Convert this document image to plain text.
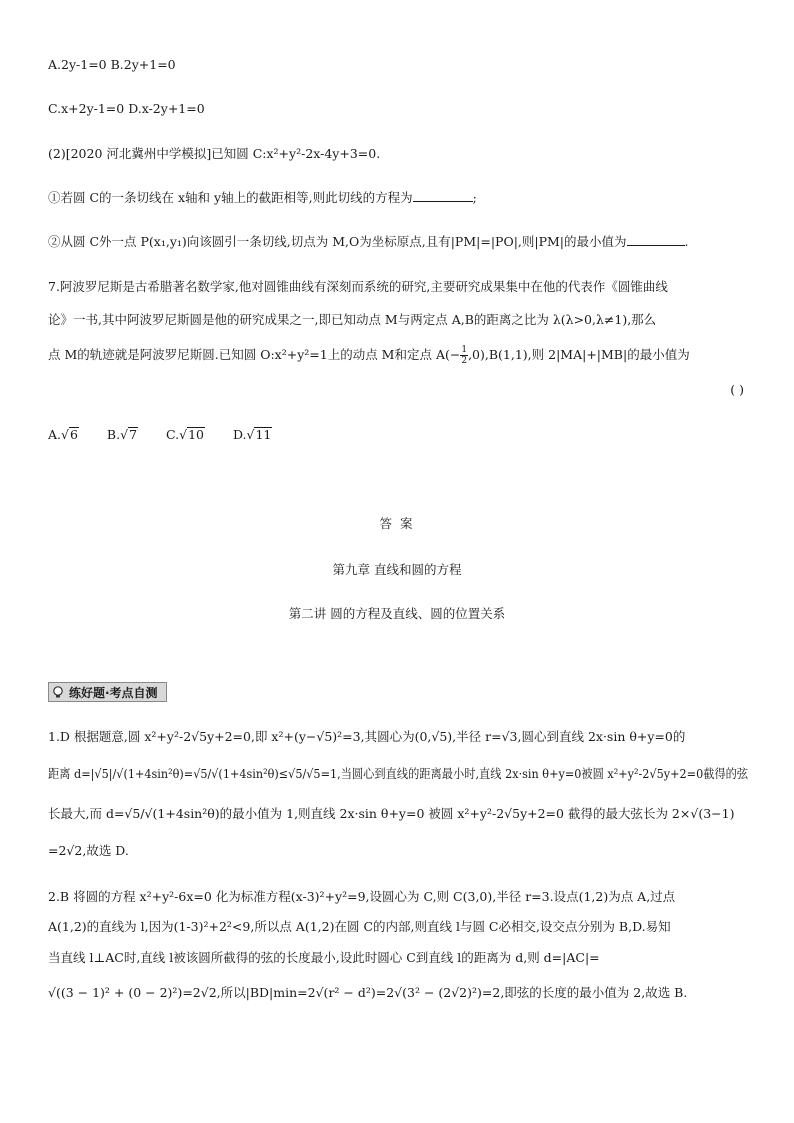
A.2y-1=0 B.2y+1=0
C.x+2y-1=0 D.x-2y+1=0
(2)[2020 河北冀州中学模拟]已知圆 C:x²+y²-2x-4y+3=0.
①若圆 C的一条切线在 x轴和 y轴上的截距相等,则此切线的方程为	;
②从圆 C外一点 P(x₁,y₁)向该圆引一条切线,切点为 M,O为坐标原点,且有|PM|=|PO|,则|PM|的最小值为	.
7.阿波罗尼斯是古希腊著名数学家,他对圆锥曲线有深刻而系统的研究,主要研究成果集中在他的代表作《圆锥曲线
论》一书,其中阿波罗尼斯圆是他的研究成果之一,即已知动点 M与两定点 A,B的距离之比为 λ(λ>0,λ≠1),那么
点 M的轨迹就是阿波罗尼斯圆.已知圆 O:x²+y²=1上的动点 M和定点 $A(- \frac{1}{2} ,0),B(1,1)$,则 2|MA|+|MB|的最小值为
( )
A.√6 B.√7 C.√10 D.√11
答 案
第九章 直线和圆的方程
第二讲 圆的方程及直线、圆的位置关系
练好题·考点自测
1.D 根据题意,圆 x²+y²-2√5y+2=0,即 x²+(y−√5)²=3,其圆心为(0,√5),半径 r=√3,圆心到直线 2x·sin θ+y=0的
距离 d=|√5|/√(1+4sin²θ)=√5/√(1+4sin²θ)≤√5/√5=1,当圆心到直线的距离最小时,直线 2x·sin θ+y=0被圆 x²+y²-2√5y+2=0截得的弦
长最大,而 d=√5/√(1+4sin²θ)的最小值为 1,则直线 2x·sin θ+y=0 被圆 x²+y²-2√5y+2=0 截得的最大弦长为 2×√(3−1)
=2√2,故选 D.
2.B 将圆的方程 x²+y²-6x=0 化为标准方程(x-3)²+y²=9,设圆心为 C,则 C(3,0),半径 r=3.设点(1,2)为点 A,过点
A(1,2)的直线为 l,因为(1-3)²+2²<9,所以点 A(1,2)在圆 C的内部,则直线 l与圆 C必相交,设交点分别为 B,D.易知
当直线 l⊥AC时,直线 l被该圆所截得的弦的长度最小,设此时圆心 C到直线 l的距离为 d,则 d=|AC|=
√((3 − 1)² + (0 − 2)²)=2√2,所以|BD|min=2√(r² − d²)=2√(3² − (2√2)²)=2,即弦的长度的最小值为 2,故选 B.
